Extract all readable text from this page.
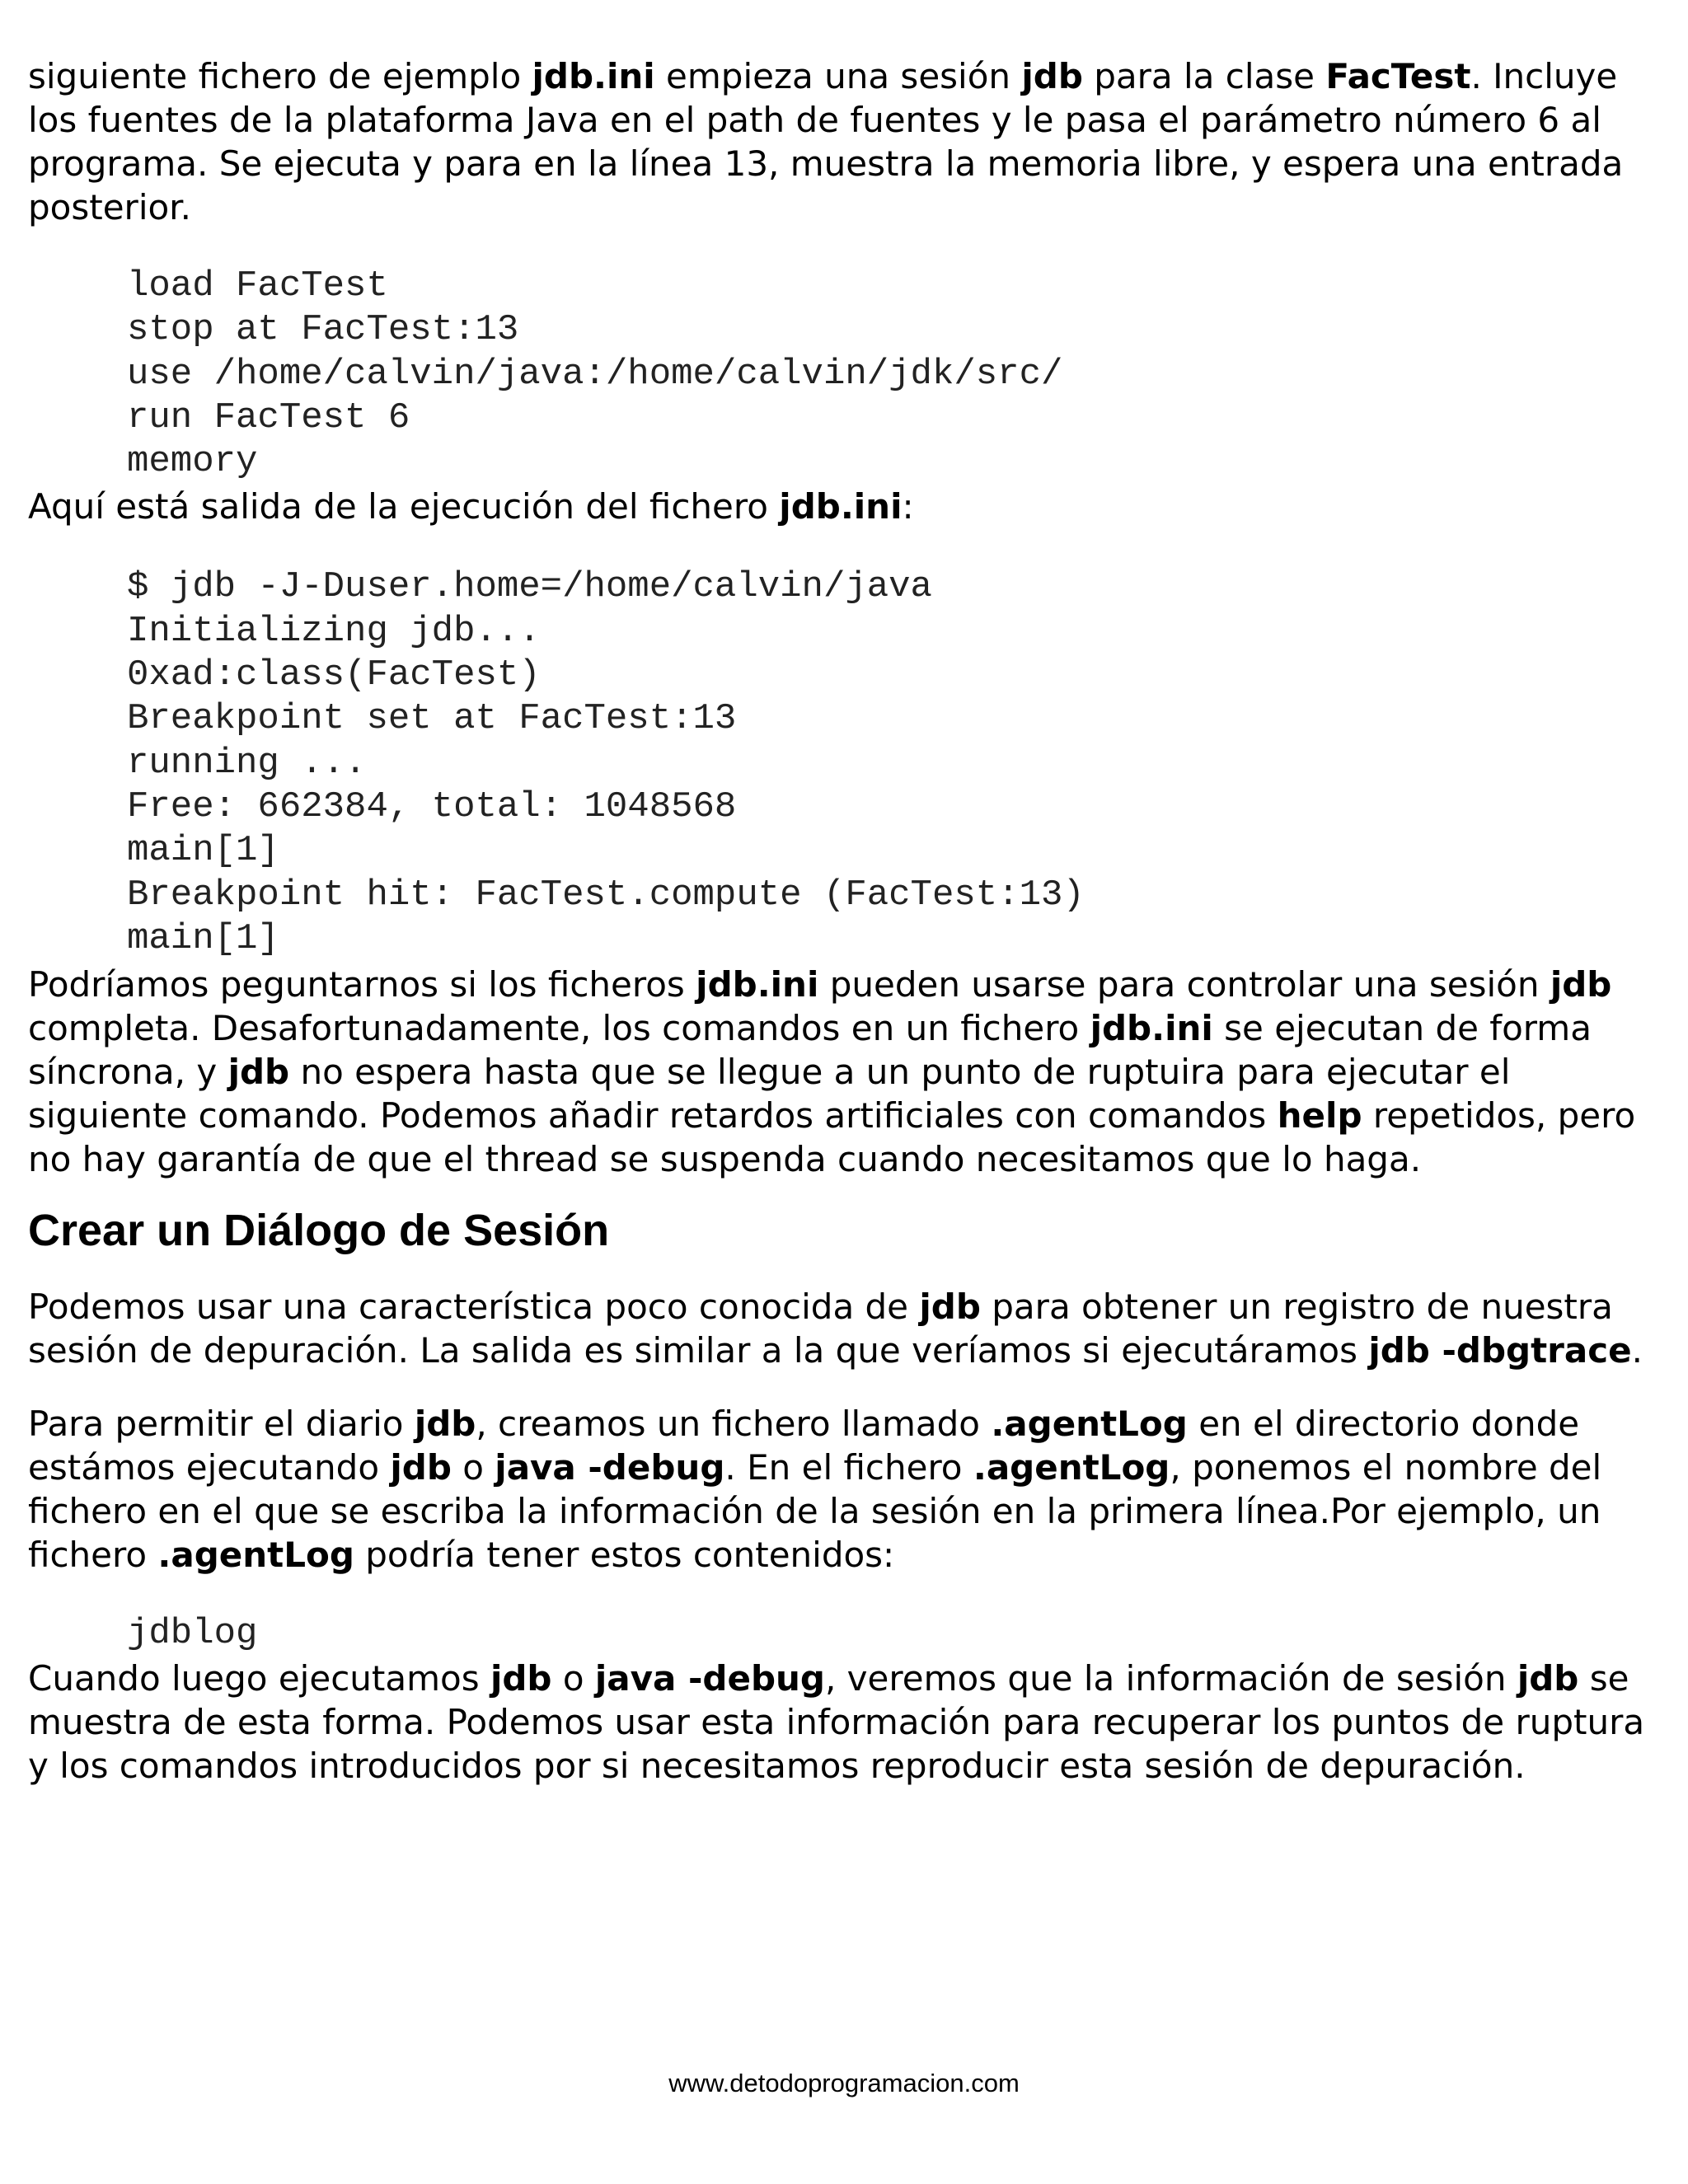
siguiente fichero de ejemplo jdb.ini empieza una sesión jdb para la clase FacTest. Incluye los fuentes de la plataforma Java en el path de fuentes y le pasa el parámetro número 6 al programa. Se ejecuta y para en la línea 13, muestra la memoria libre, y espera una entrada posterior.

load FacTest
stop at FacTest:13
use /home/calvin/java:/home/calvin/jdk/src/
run FacTest 6
memory

Aquí está salida de la ejecución del fichero jdb.ini:

$ jdb -J-Duser.home=/home/calvin/java
Initializing jdb...
0xad:class(FacTest)
Breakpoint set at FacTest:13
running ...
Free: 662384, total: 1048568
main[1]
Breakpoint hit: FacTest.compute (FacTest:13)
main[1]

Podríamos peguntarnos si los ficheros jdb.ini pueden usarse para controlar una sesión jdb completa. Desafortunadamente, los comandos en un fichero jdb.ini se ejecutan de forma síncrona, y jdb no espera hasta que se llegue a un punto de ruptuira para ejecutar el siguiente comando. Podemos añadir retardos artificiales con comandos help repetidos, pero no hay garantía de que el thread se suspenda cuando necesitamos que lo haga.

Crear un Diálogo de Sesión

Podemos usar una característica poco conocida de jdb para obtener un registro de nuestra sesión de depuración. La salida es similar a la que veríamos si ejecutáramos jdb -dbgtrace.

Para permitir el diario jdb, creamos un fichero llamado .agentLog en el directorio donde estámos ejecutando jdb o java -debug. En el fichero .agentLog, ponemos el nombre del fichero en el que se escriba la información de la sesión en la primera línea.Por ejemplo, un fichero .agentLog podría tener estos contenidos:

jdblog

Cuando luego ejecutamos jdb o java -debug, veremos que la información de sesión jdb se muestra de esta forma. Podemos usar esta información para recuperar los puntos de ruptura y los comandos introducidos por si necesitamos reproducir esta sesión de depuración.

www.detodoprogramacion.com
